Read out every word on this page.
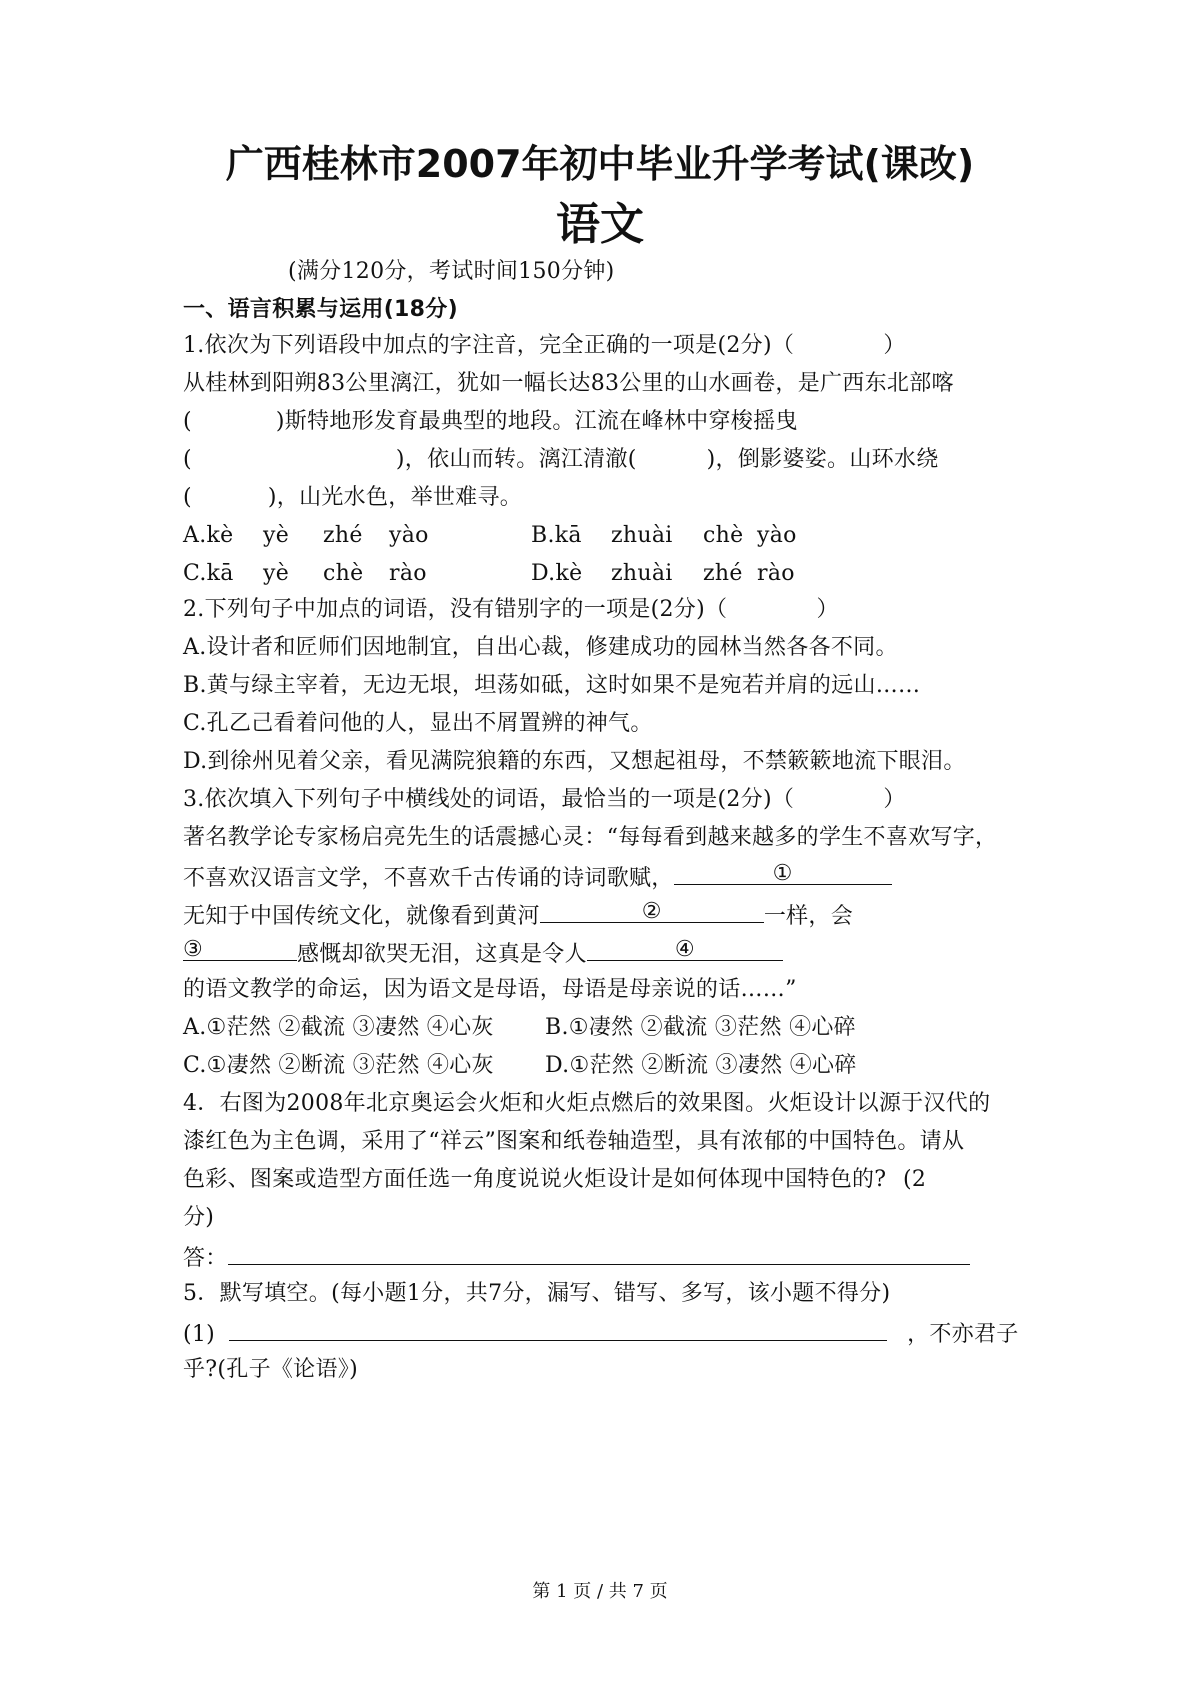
广西桂林市2007年初中毕业升学考试(课改)
语文
(满分120分，考试时间150分钟)
一、语言积累与运用(18分)
1.依次为下列语段中加点的字注音，完全正确的一项是(2分)（　　　　）
从桂林到阳朔83公里漓江，犹如一幅长达83公里的山水画卷，是广西东北部喀
(	)斯特地形发育最典型的地段。江流在峰林中穿梭摇曳
(	)，依山而转。漓江清澈(	)，倒影婆娑。山环水绕
(	)，山光水色，举世难寻。
A.kè yè zhé yào	B.kā zhuài chè yào
C.kā yè chè rào	D.kè zhuài zhé rào
2.下列句子中加点的词语，没有错别字的一项是(2分)（　　　　）
A.设计者和匠师们因地制宜，自出心裁，修建成功的园林当然各各不同。
B.黄与绿主宰着，无边无垠，坦荡如砥，这时如果不是宛若并肩的远山……
C.孔乙己看着问他的人，显出不屑置辨的神气。
D.到徐州见着父亲，看见满院狼籍的东西，又想起祖母，不禁簌簌地流下眼泪。
3.依次填入下列句子中横线处的词语，最恰当的一项是(2分)（　　　　）
著名教学论专家杨启亮先生的话震撼心灵：“每每看到越来越多的学生不喜欢写字，
不喜欢汉语言文学，不喜欢千古传诵的诗词歌赋，	①
无知于中国传统文化，就像看到黄河	②	一样，会
③	感慨却欲哭无泪，这真是令人	④
的语文教学的命运，因为语文是母语，母语是母亲说的话……”
A.①茫然 ②截流 ③凄然 ④心灰 B.①凄然 ②截流 ③茫然 ④心碎
C.①凄然 ②断流 ③茫然 ④心灰 D.①茫然 ②断流 ③凄然 ④心碎
4．右图为2008年北京奥运会火炬和火炬点燃后的效果图。火炬设计以源于汉代的
漆红色为主色调，采用了“祥云”图案和纸卷轴造型，具有浓郁的中国特色。请从
色彩、图案或造型方面任选一角度说说火炬设计是如何体现中国特色的? (2
分)
答：
5．默写填空。(每小题1分，共7分，漏写、错写、多写，该小题不得分)
(1)	，不亦君子
乎?(孔子《论语》)
第 1 页 / 共 7 页
